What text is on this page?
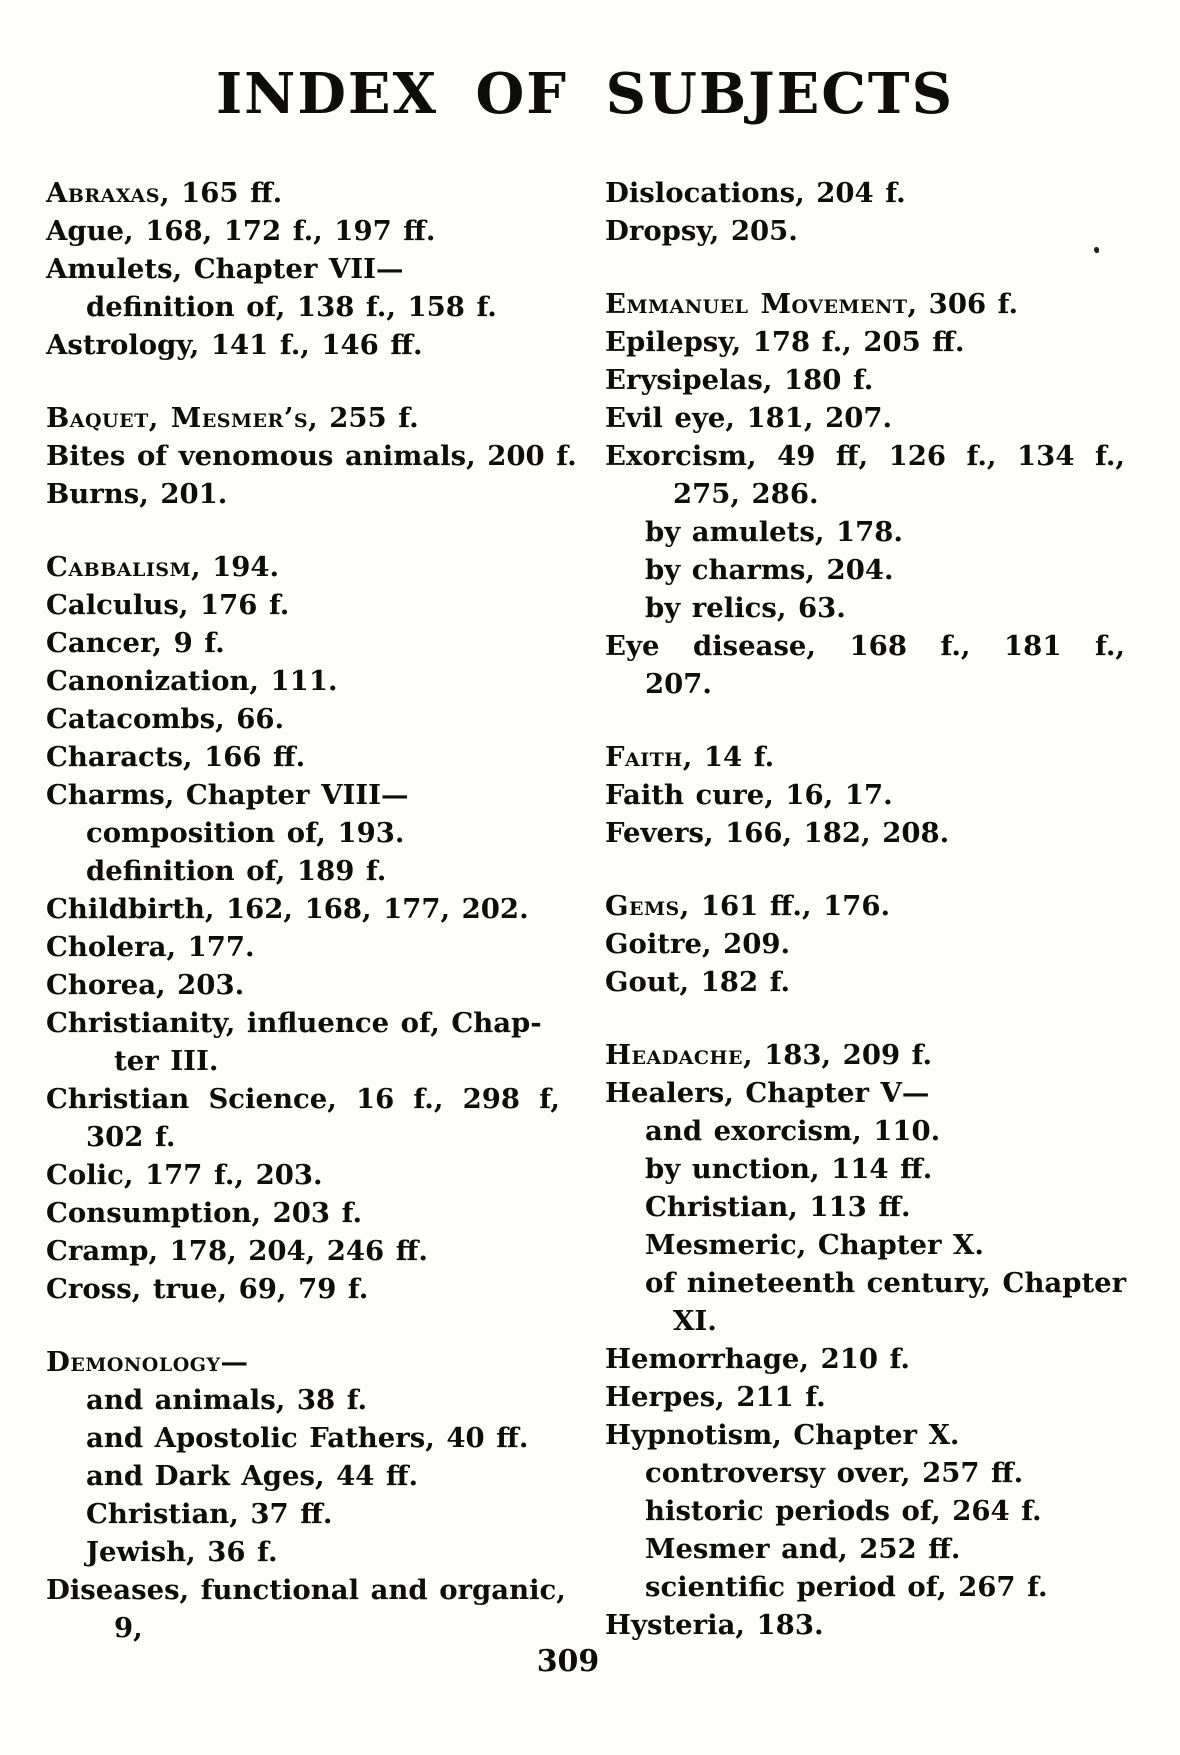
INDEX OF SUBJECTS
Abraxas, 165 ff.
Ague, 168, 172 f., 197 ff.
Amulets, Chapter VII—
definition of, 138 f., 158 f.
Astrology, 141 f., 146 ff.
Baquet, Mesmer’s, 255 f.
Bites of venomous animals, 200 f.
Burns, 201.
Cabbalism, 194.
Calculus, 176 f.
Cancer, 9 f.
Canonization, 111.
Catacombs, 66.
Characts, 166 ff.
Charms, Chapter VIII—
composition of, 193.
definition of, 189 f.
Childbirth, 162, 168, 177, 202.
Cholera, 177.
Chorea, 203.
Christianity, influence of, Chap-
ter III.
Christian Science, 16 f., 298 f,
302 f.
Colic, 177 f., 203.
Consumption, 203 f.
Cramp, 178, 204, 246 ff.
Cross, true, 69, 79 f.
Demonology—
and animals, 38 f.
and Apostolic Fathers, 40 ff.
and Dark Ages, 44 ff.
Christian, 37 ff.
Jewish, 36 f.
Diseases, functional and organic,
9,
Dislocations, 204 f.
Dropsy, 205.
Emmanuel Movement, 306 f.
Epilepsy, 178 f., 205 ff.
Erysipelas, 180 f.
Evil eye, 181, 207.
Exorcism, 49 ff, 126 f., 134 f.,
275, 286.
by amulets, 178.
by charms, 204.
by relics, 63.
Eye disease, 168 f., 181 f.,
207.
Faith, 14 f.
Faith cure, 16, 17.
Fevers, 166, 182, 208.
Gems, 161 ff., 176.
Goitre, 209.
Gout, 182 f.
Headache, 183, 209 f.
Healers, Chapter V—
and exorcism, 110.
by unction, 114 ff.
Christian, 113 ff.
Mesmeric, Chapter X.
of nineteenth century, Chapter
XI.
Hemorrhage, 210 f.
Herpes, 211 f.
Hypnotism, Chapter X.
controversy over, 257 ff.
historic periods of, 264 f.
Mesmer and, 252 ff.
scientific period of, 267 f.
Hysteria, 183.
309
